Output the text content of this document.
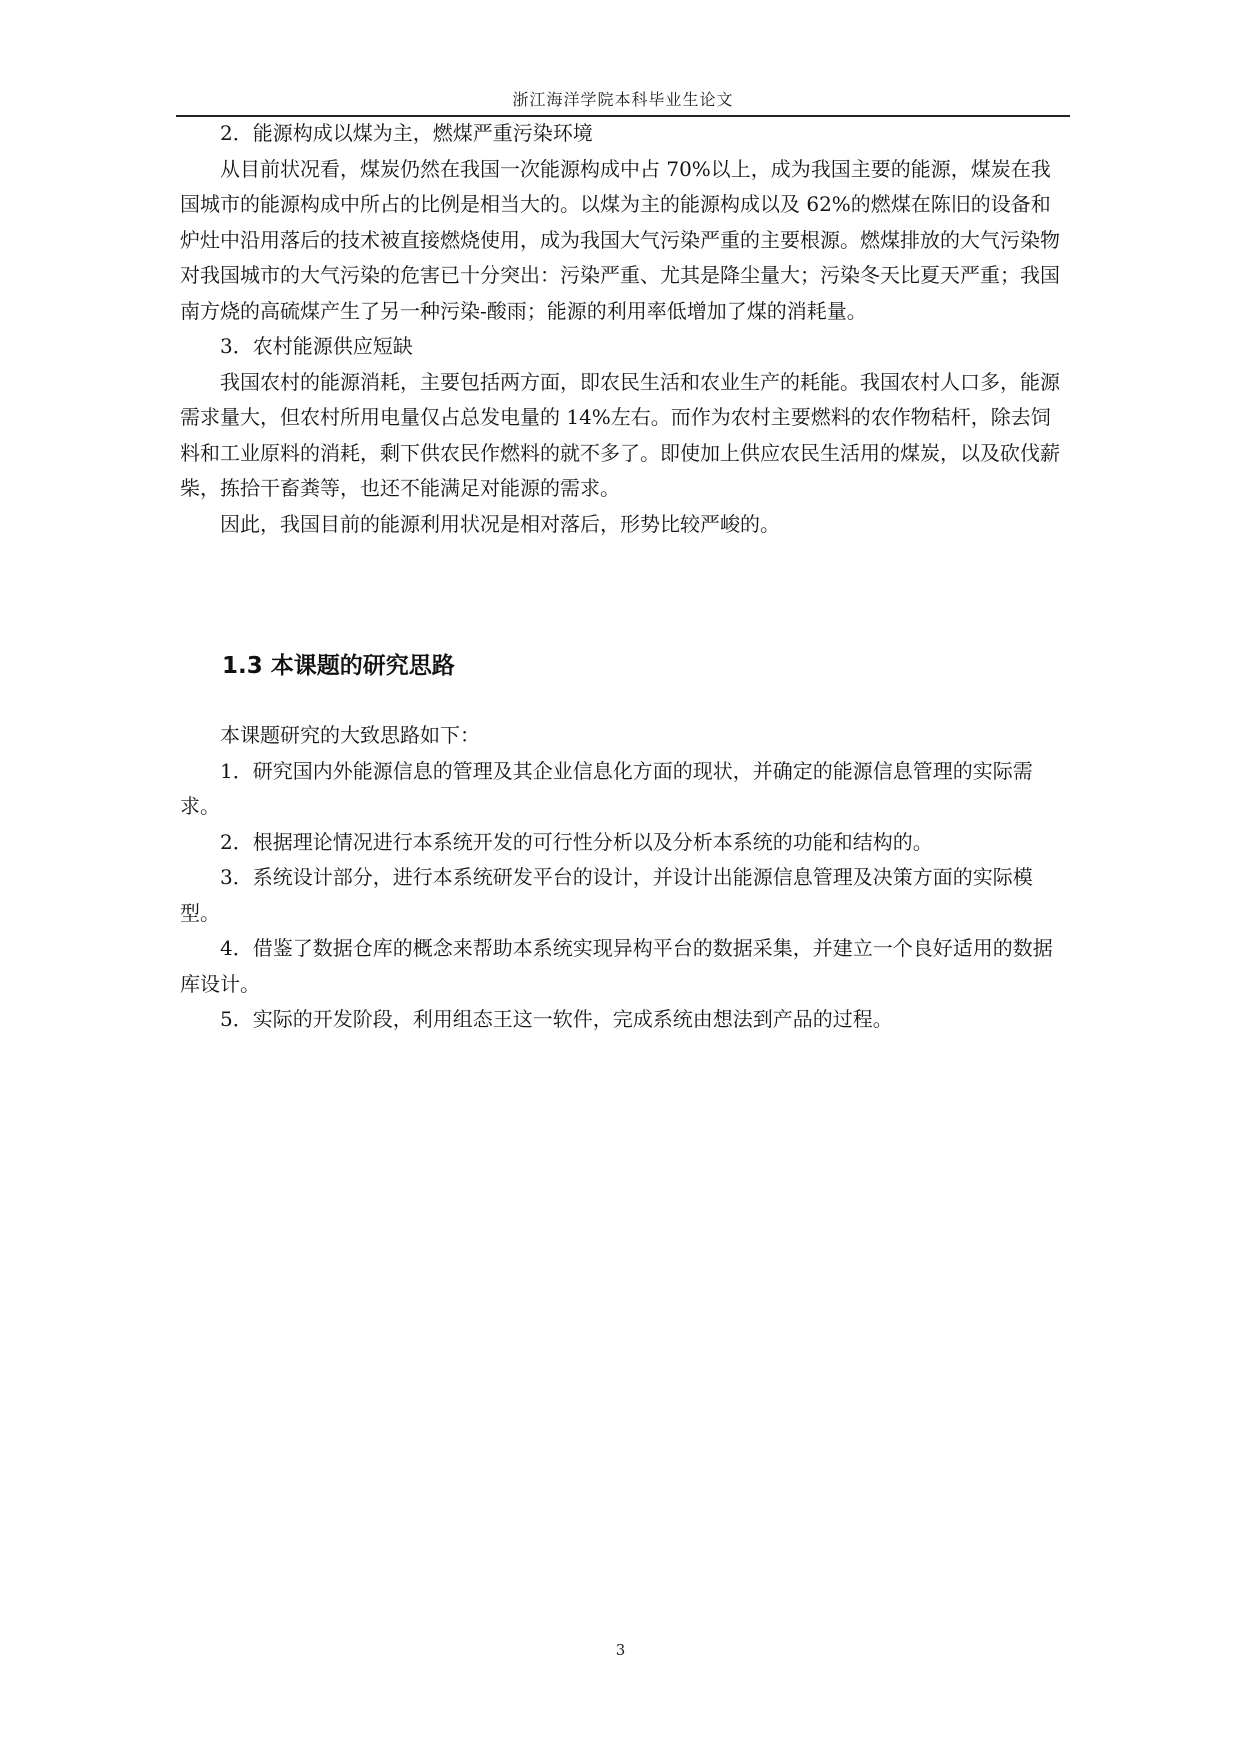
浙江海洋学院本科毕业生论文

2．能源构成以煤为主，燃煤严重污染环境

从目前状况看，煤炭仍然在我国一次能源构成中占 70%以上，成为我国主要的能源，煤炭在我国城市的能源构成中所占的比例是相当大的。以煤为主的能源构成以及 62%的燃煤在陈旧的设备和炉灶中沿用落后的技术被直接燃烧使用，成为我国大气污染严重的主要根源。燃煤排放的大气污染物对我国城市的大气污染的危害已十分突出：污染严重、尤其是降尘量大；污染冬天比夏天严重；我国南方烧的高硫煤产生了另一种污染-酸雨；能源的利用率低增加了煤的消耗量。

3．农村能源供应短缺

我国农村的能源消耗，主要包括两方面，即农民生活和农业生产的耗能。我国农村人口多，能源需求量大，但农村所用电量仅占总发电量的 14%左右。而作为农村主要燃料的农作物秸杆，除去饲料和工业原料的消耗，剩下供农民作燃料的就不多了。即使加上供应农民生活用的煤炭，以及砍伐薪柴，拣拾干畜粪等，也还不能满足对能源的需求。

因此，我国目前的能源利用状况是相对落后，形势比较严峻的。

1.3 本课题的研究思路

本课题研究的大致思路如下：

1．研究国内外能源信息的管理及其企业信息化方面的现状，并确定的能源信息管理的实际需求。

2．根据理论情况进行本系统开发的可行性分析以及分析本系统的功能和结构的。

3．系统设计部分，进行本系统研发平台的设计，并设计出能源信息管理及决策方面的实际模型。

4．借鉴了数据仓库的概念来帮助本系统实现异构平台的数据采集，并建立一个良好适用的数据库设计。

5．实际的开发阶段，利用组态王这一软件，完成系统由想法到产品的过程。

3
